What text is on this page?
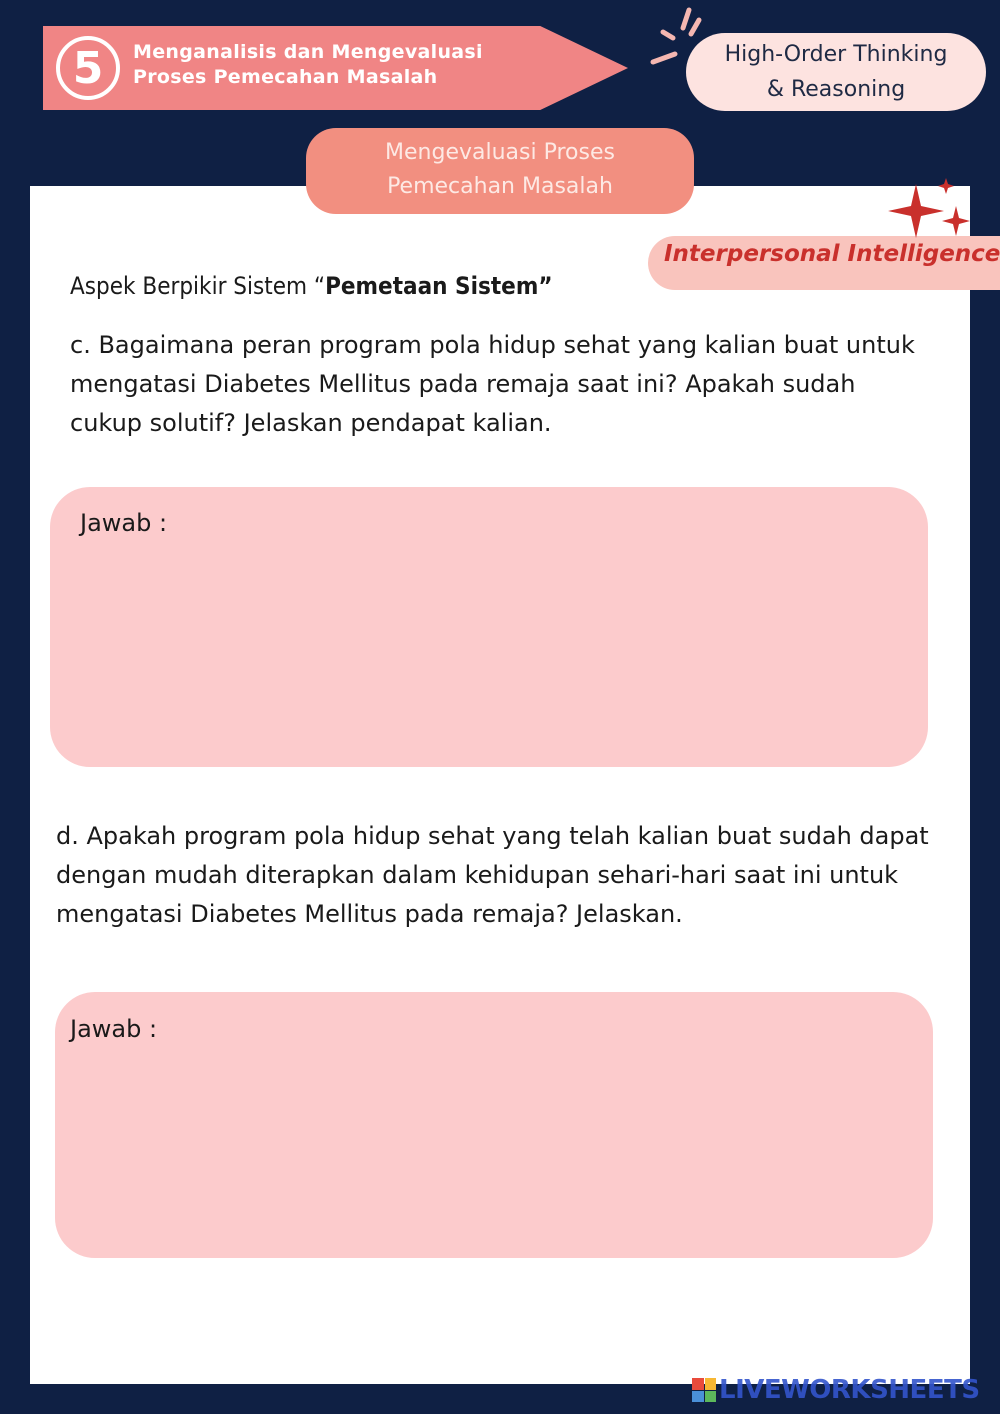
5	Menganalisis dan Mengevaluasi
Proses Pemecahan Masalah
High-Order Thinking
& Reasoning
Mengevaluasi Proses
Pemecahan Masalah
Interpersonal Intelligence
Aspek Berpikir Sistem “Pemetaan Sistem”
c. Bagaimana peran program pola hidup sehat yang kalian buat untuk mengatasi Diabetes Mellitus pada remaja saat ini? Apakah sudah cukup solutif? Jelaskan pendapat kalian.
Jawab :
d. Apakah program pola hidup sehat yang telah kalian buat sudah dapat dengan mudah diterapkan dalam kehidupan sehari-hari saat ini untuk mengatasi Diabetes Mellitus pada remaja? Jelaskan.
Jawab :
LIVEWORKSHEETS
